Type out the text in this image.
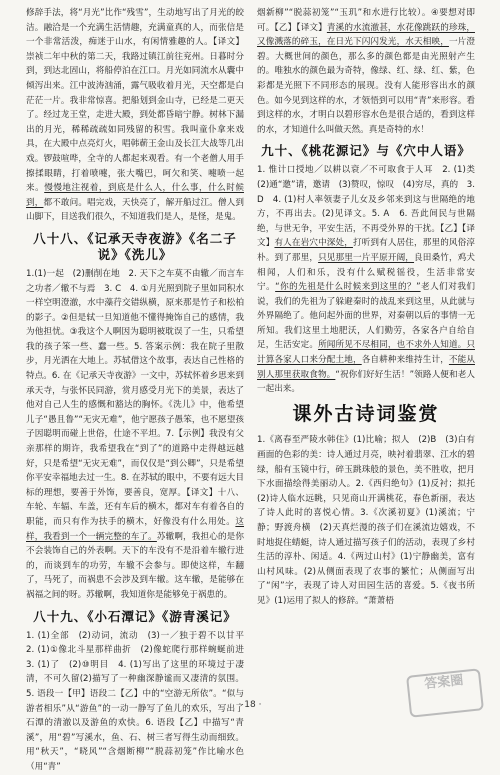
修辞手法，将“月光”比作“残雪”，生动地写出了月光的皎洁。融洽是一个充满生活情趣，充满童真的人，而张信是一个非常活泼，痴迷于山水，有闲情雅趣的人。【译文】崇祯二年中秋的第二天，我路过镇江前往兖州。日暮时分到，到达北固山，将船停泊在江口。月光如同流水从囊中倾泻出来。江中波涛汹涌，露气吸收着月光，天空都是白茫茫一片。我非常惊喜。把船划到金山寺，已经是二更天了。经过龙王堂，走进大殿，到处都昏暗宁静。树林下漏出的月光，稀稀疏疏如同残留的积雪。我叫童仆拿来戏具，在大殿中点亮灯火，唱韩蕲王金山及长江大战等几出戏。锣鼓喧哗，全寺的人都起来观看。有一个老僧人用手擦揉眼睛，打着喷嚏，张大嘴巴，呵欠和笑、嚏喷一起来。慢慢地注视着，到底是什么人，什么事，什么时候到，都不敢问。唱完戏，天快亮了，解开船过江。僧人到山脚下，目送我们很久，不知道我们是人，是怪，是鬼。

八十八、《记承天寺夜游》《名二子说》《洗儿》

1.(1)一起　(2)删削在地　2. 天下之车莫不由辙／而言车之功者／辙不与焉　3. C　4. ①月光照到院子里如同积水一样空明澄澈，水中藻荇交错纵横，原来那是竹子和松柏的影子。②但是轼一旦知道他不懂得掩饰自己的感情，我为他担忧。③我这个人啊因为聪明被耽误了一生，只希望我的孩子笨一些、蠢一些。5. 答案示例：我在院子里散步，月光洒在大地上。苏轼借这个故事，表达自己性格的特点。6. 在《记承天寺夜游》一文中，苏轼怀着乡思来到承天寺，与张怀民同游，赏月感受月光下的美景，表达了他对自己人生的感慨和豁达的胸怀。《洗儿》中，他希望儿子“愚且鲁”“无灾无难”，他宁愿孩子愚笨，也不愿望孩子因聪明而碰上世俗，仕途不平坦。7.【示例】我没有父亲那样的期许，我希望我在“到了”的道路中走得越远越好，只是希望“无灾无难”，而仅仅是“到公卿”，只是希望你平安幸福地去过一生。8. 在苏轼的眼中，不要有远大目标的理想，要善于外饰，要善良，宽厚。【译文】十八、车轮、车辐、车盖，还有车后的横木，都对车有着各自的职能，而只有作为扶手的横木，好像没有什么用处。这样，我看到一个一辆完整的车了。苏辙啊，我担心的是你不会装饰自己的外表啊。天下的车没有不是沿着车辙行进的，而谈到车的功劳，车辙不会参与。即使这样，车翻了，马死了，而祸患不会涉及到车辙。这车辙，是能够在祸福之间的呀。苏辙啊，我知道你是能够免于祸患的。

八十九、《小石潭记》《游青溪记》

1. (1)全部　(2)动词，流动　(3)一／独于碧不以甘平　2. (1)①像北斗星那样曲折　(2)像蛇爬行那样蜿蜒前进　3. (1)了　(2)⑩明目　4. (1)写出了这里的环境过于凄清，不可久留(2)描写了一种幽深静谧而又凄清的氛围。5. 语段一【甲】语段二【乙】中的“空游无所依”。“似与游者相乐”从“游鱼”的一动一静写了鱼儿的欢乐，写出了石潭的清澈以及游鱼的欢快。6. 语段【乙】中描写“青溪”，用“碧”写溪水，鱼、石、树三者写得生动而细致。用“秋天”，“晓风”“含烟断柳”“脱蒜初笼”作比喻水色（用“青”

烟新柳”“脱蒜初笼”“玉玑”和水进行比较）。④要想对即可。【乙】【译文】青溪的水流澈甚，水花像跳跃的珍珠，又像溅落的碎玉，在日光下闪闪发光，水天相映，一片澄碧。大概世间的颜色，那么多的颜色都是由光照射产生的。唯独水的颜色最为奇特，像绿、红、绿、红、紫，色彩都是光照下不同形态的展现。没有人能形容出水的颜色。如今见到这样的水，才领悟到可以用“青”来形容。看到这样的水，才明白以碧形容水色是很合适的，看到这样的水，才知道什么叫做天然。真是奇特的水！

九十、《桃花源记》与《穴中人语》

1. 惟计口授地／以耕以衰／不可取食于人耳　2. (1)类　(2)通“邀”请，邀请　(3)赞叹，惊叹　(4)穷尽，真的　3. D　4. (1)村人率领妻子儿女及乡邻来到这与世隔绝的地方，不再出去。(2)见译文。5. A　6. 吾此间民与世隔绝，与世无争，平安生活，不再受外界的干扰。【乙】【译文】有人在岩穴中深处，打听到有人居住，那里的风俗淳朴。到了那里，只见那里一片平原开阔，良田桑竹，鸡犬相闻，人们和乐，没有什么赋税徭役，生活非常安宁。“你的先祖是什么时候来到这里的？”老人们对我们说，我们的先祖为了躲避秦时的战乱来到这里，从此就与外界隔绝了。他问起外面的世界，对秦朝以后的事情一无所知。我们这里土地肥沃，人们勤劳，各家各户自给自足，生活安定。所闻所见不尽相同，也不求外人知道。只计算各家人口来分配土地，各自耕种来维持生计，不能从别人那里获取食物。“祝你们好好生活！”领路人便和老人一起出来。

课外古诗词鉴赏

1.《离春至严陵水韩住》(1)比喻；拟人　(2)B　(3)白有画面的色彩的美：诗人通过月亮，映衬着翡翠、江水的碧绿，船有玉镜中行，碎玉跳珠般的景色，美不胜收，把月下水面描绘得美丽动人。2.《西归绝句》(1)反衬；拟托　(2)诗人临水远眺，只见商山开满桃花，春色新丽，表达了诗人此时的喜悦心情。3.《次溪初夏》(1)溪流；宁静；野渡舟横　(2)天真烂漫的孩子们在溪流边嬉戏，不时地捉住蜻蜓，诗人通过描写孩子们的活动，表现了乡村生活的淳朴、闲适。4.《两过山村》(1)宁静幽美，富有山村风味。(2)从侧面表现了农事的繁忙；从侧面写出了“闲”字，表现了诗人对田园生活的喜爱。5.《夜书所见》(1)运用了拟人的修辞。“萧萧梧

· 18 ·
答案圈
